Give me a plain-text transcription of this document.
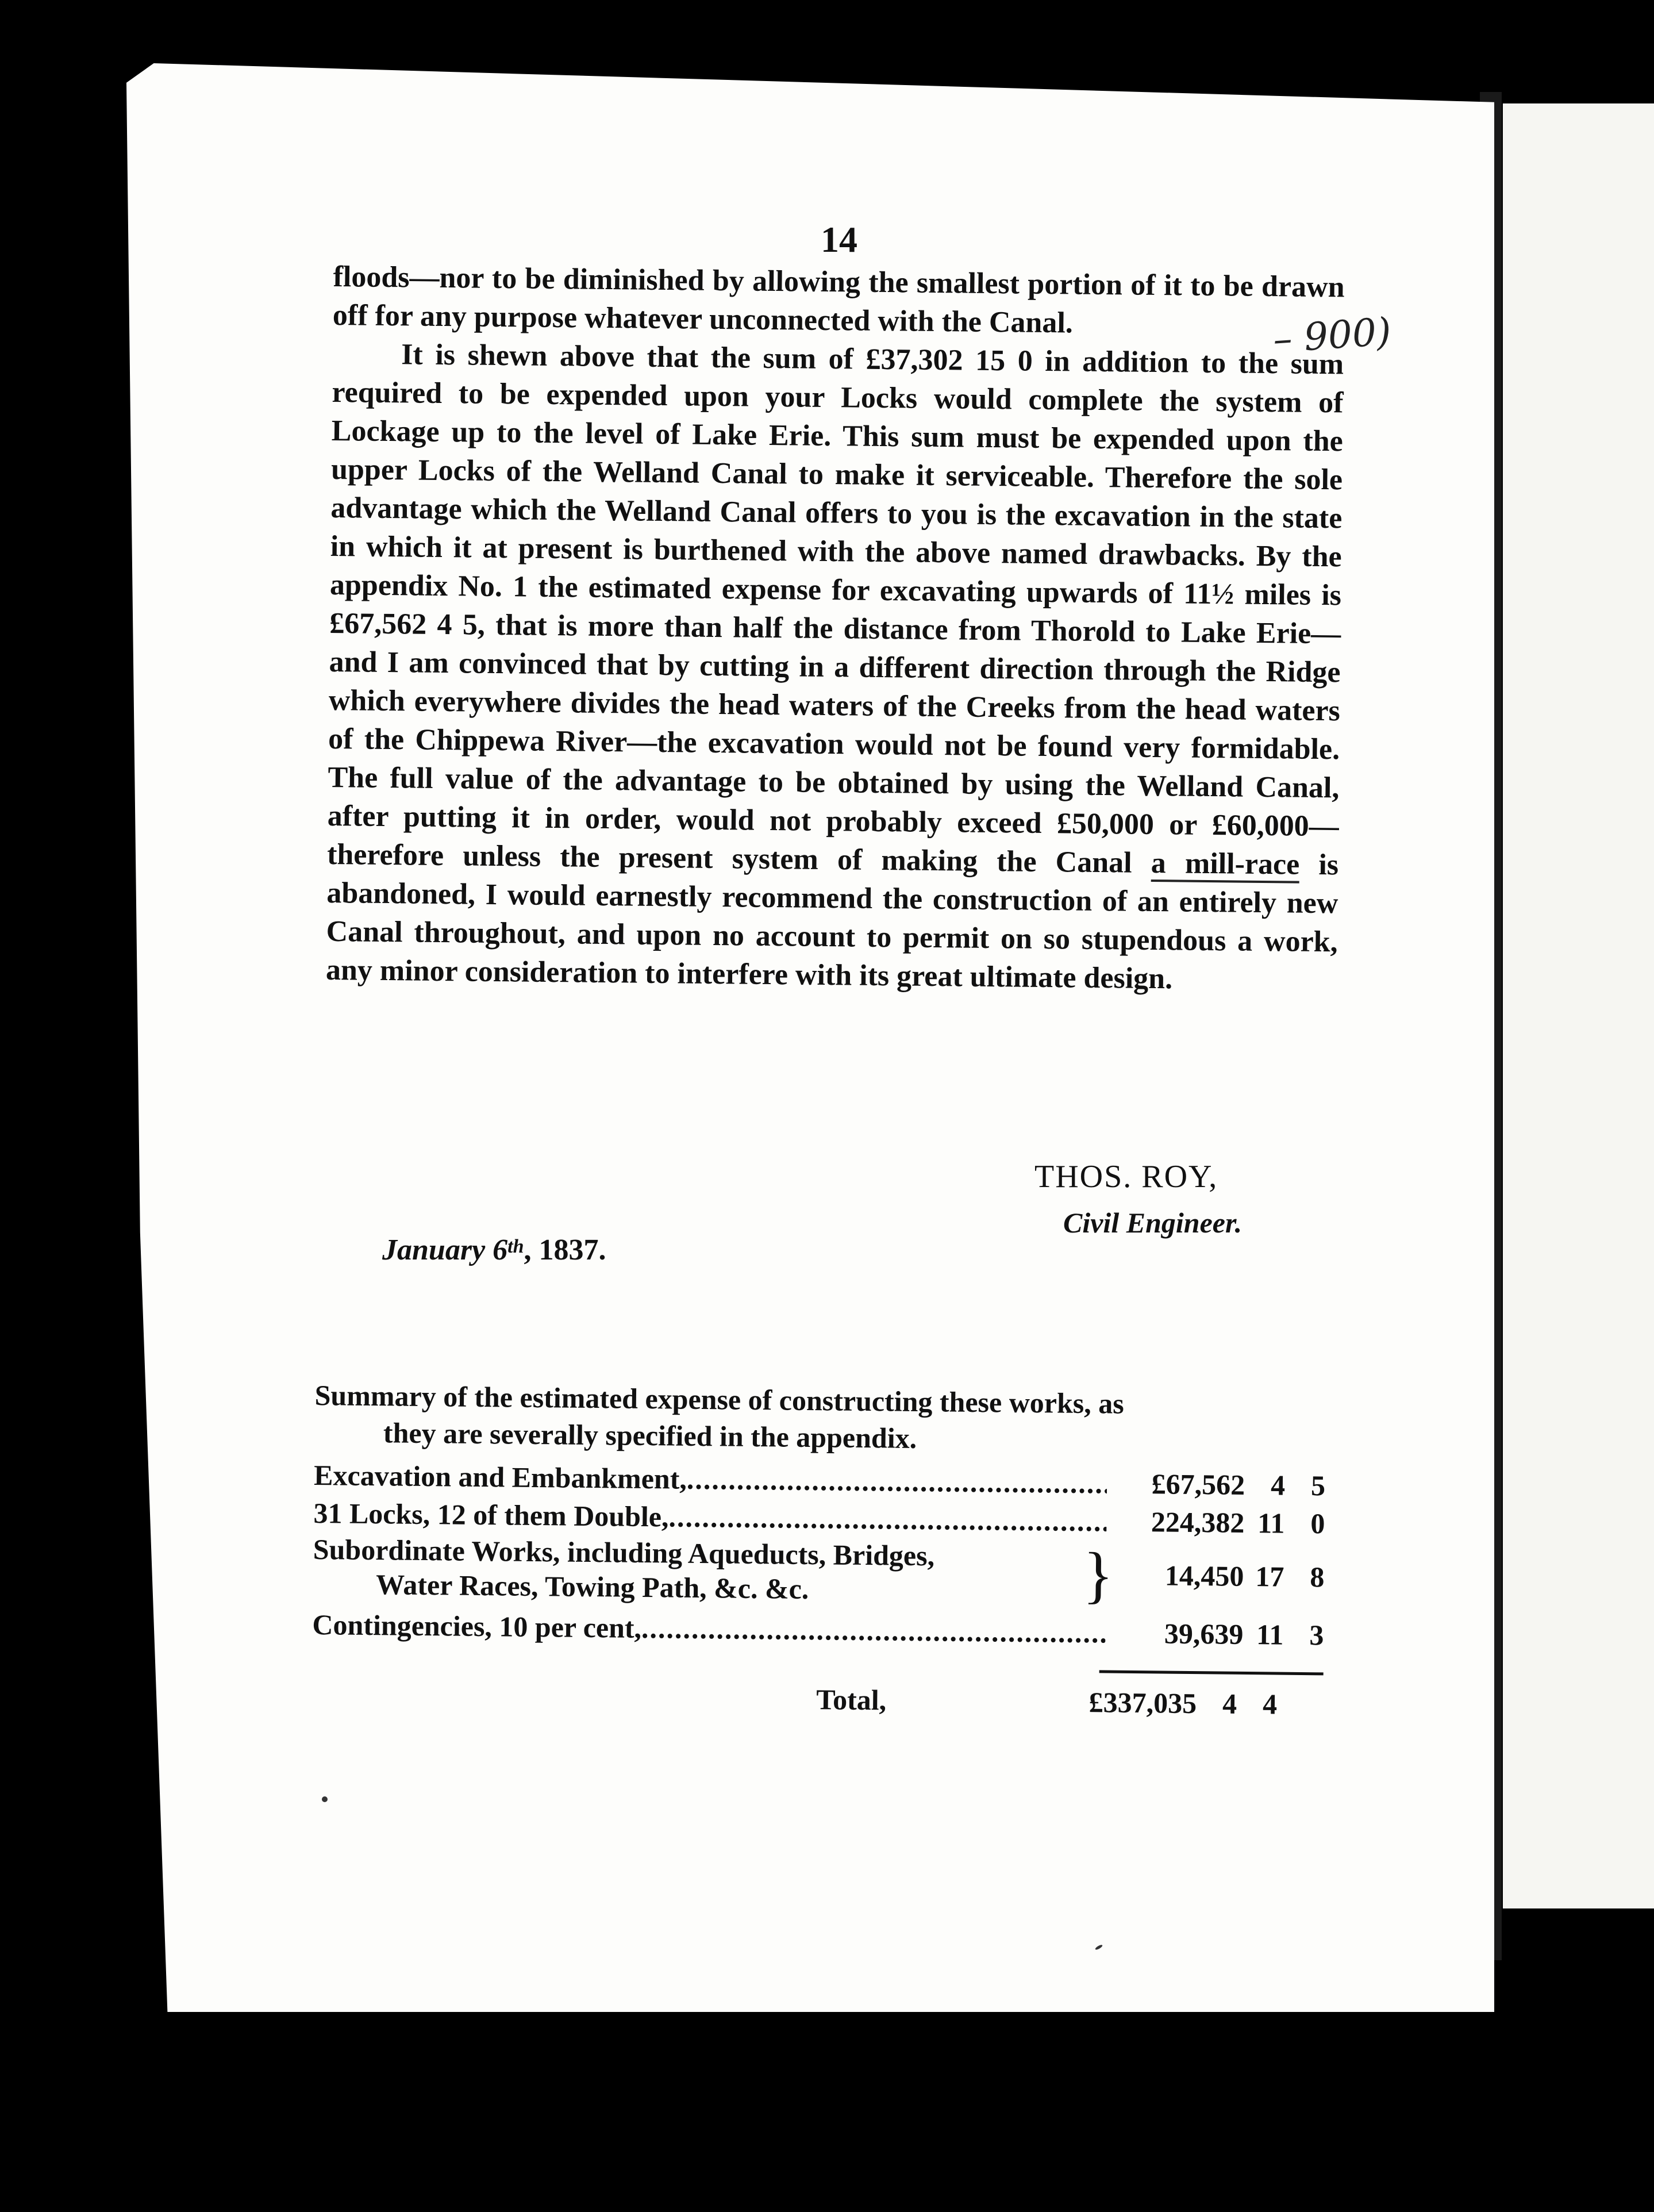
14

floods—nor to be diminished by allowing the smallest portion of it to be drawn off for any purpose whatever unconnected with the Canal.

It is shewn above that the sum of £37,302 15 0 in addition to the sum required to be expended upon your Locks would complete the system of Lockage up to the level of Lake Erie. This sum must be expended upon the upper Locks of the Welland Canal to make it serviceable. Therefore the sole advantage which the Welland Canal offers to you is the excavation in the state in which it at present is burthened with the above named drawbacks. By the appendix No. 1 the estimated expense for excavating upwards of 11½ miles is £67,562 4 5, that is more than half the distance from Thorold to Lake Erie—and I am convinced that by cutting in a different direction through the Ridge which everywhere divides the head waters of the Creeks from the head waters of the Chippewa River—the excavation would not be found very formidable. The full value of the advantage to be obtained by using the Welland Canal, after putting it in order, would not probably exceed £50,000 or £60,000—therefore unless the present system of making the Canal a mill-race is abandoned, I would earnestly recommend the construction of an entirely new Canal throughout, and upon no account to permit on so stupendous a work, any minor consideration to interfere with its great ultimate design.

– 900)
THOS. ROY,
Civil Engineer.
January 6th, 1837.
Summary of the estimated expense of constructing these works, as
they are severally specified in the appendix.
Excavation and Embankment, .....	£67,562 4 5
31 Locks, 12 of them Double, .....	224,382 11 0
Subordinate Works, including Aqueducts, Bridges,
Water Races, Towing Path, &c. &c.	}	14,450 17 8
Contingencies, 10 per cent, .....	39,639 11 3
Total,	£337,035 4 4
